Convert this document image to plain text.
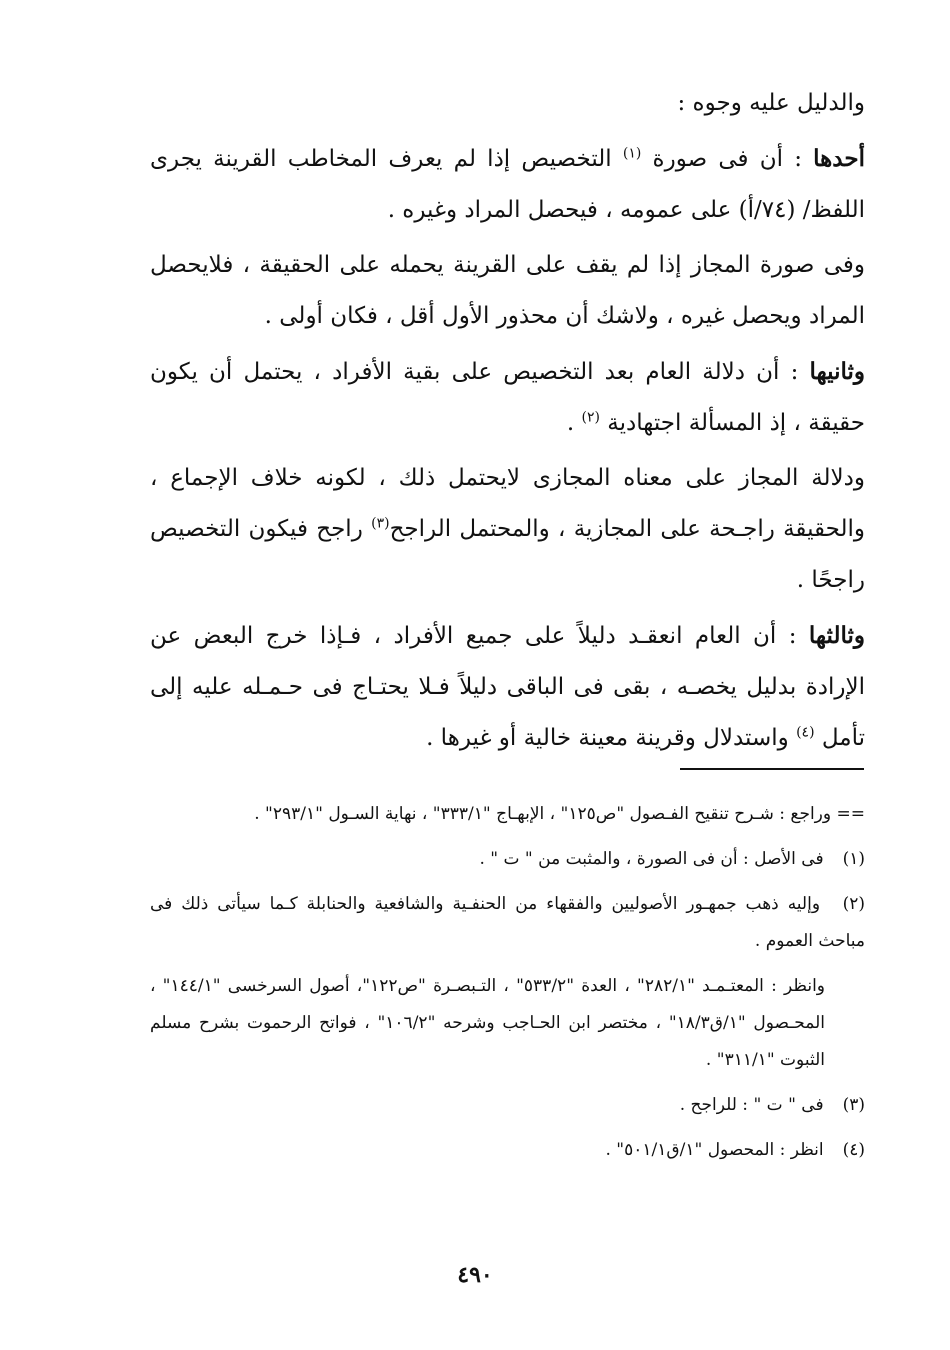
والدليل عليه وجوه :

أحدها : أن فى صورة $^{(١)}$ التخصيص إذا لم يعرف المخاطب القرينة يجرى اللفظ/ (٧٤/أ) على عمومه ، فيحصل المراد وغيره .

وفى صورة المجاز إذا لم يقف على القرينة يحمله على الحقيقة ، فلايحصل المراد ويحصل غيره ، ولاشك أن محذور الأول أقل ، فكان أولى .

وثانيها : أن دلالة العام بعد التخصيص على بقية الأفراد ، يحتمل أن يكون حقيقة ، إذ المسألة اجتهادية $^{(٢)}$ .

ودلالة المجاز على معناه المجازى لايحتمل ذلك ، لكونه خلاف الإجماع ، والحقيقة راجـحة على المجازية ، والمحتمل الراجح$^{(٣)}$ راجح فيكون التخصيص راجحًا .

وثالثها : أن العام انعقـد دليلاً على جميع الأفراد ، فـإذا خرج البعض عن الإرادة بدليل يخصـه ، بقى فى الباقى دليلاً فـلا يحتـاج فى حـمـله عليه إلى تأمل $^{(٤)}$ واستدلال وقرينة معينة خالية أو غيرها .

== وراجع : شـرح تنقيح الفـصول "ص١٢٥" ، الإبهـاج "٣٣٣/١" ، نهاية السـول "٢٩٣/١" .

(١) فى الأصل : أن فى الصورة ، والمثبت من " ت " .

(٢) وإليه ذهب جمهـور الأصوليين والفقهاء من الحنفـية والشافعية والحنابلة كـما سيأتى ذلك فى مباحث العموم .

وانظر : المعتـمـد "٢٨٢/١" ، العدة "٥٣٣/٢" ، التـبصـرة "ص١٢٢"، أصول السرخسى "١٤٤/١" ، المحـصول "١/ق١٨/٣" ، مختصر ابن الحـاجب وشرحه "١٠٦/٢" ، فواتح الرحموت بشرح مسلم الثبوت "٣١١/١" .

(٣) فى " ت " : للراجح .

(٤) انظر : المحصول "١/ق٥٠١/١" .

٤٩٠
